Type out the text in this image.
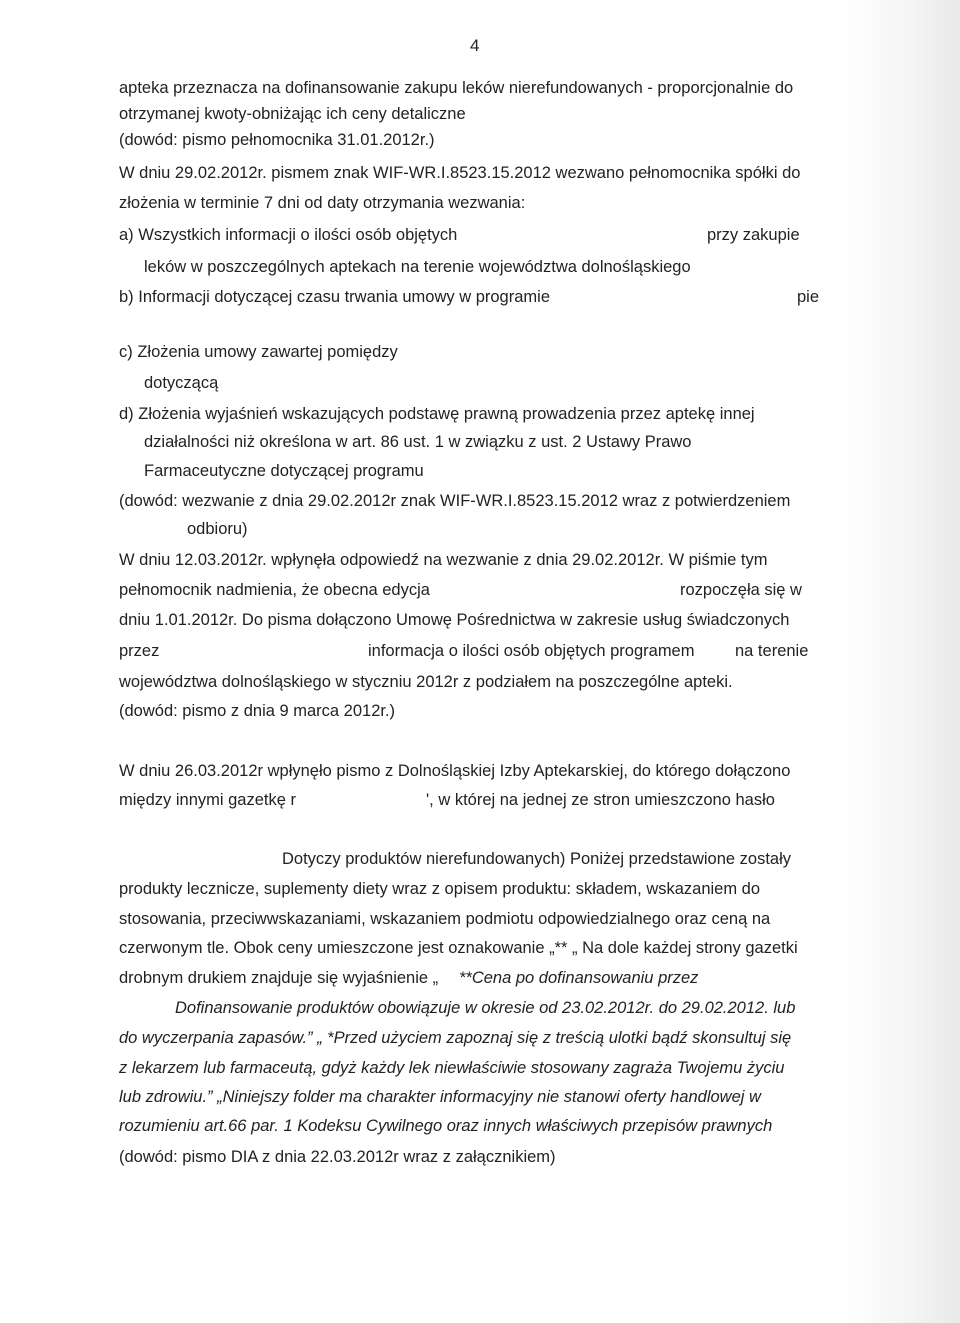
4
apteka przeznacza na dofinansowanie zakupu leków nierefundowanych - proporcjonalnie do
otrzymanej kwoty-obniżając ich ceny detaliczne
(dowód: pismo pełnomocnika 31.01.2012r.)
W dniu 29.02.2012r. pismem znak WIF-WR.I.8523.15.2012 wezwano pełnomocnika spółki do
złożenia w terminie 7 dni od daty otrzymania wezwania:
a) Wszystkich informacji o ilości osób objętych	przy zakupie
leków w poszczególnych aptekach na terenie województwa dolnośląskiego
b) Informacji dotyczącej czasu trwania umowy w programie	pie
c) Złożenia umowy zawartej pomiędzy
dotyczącą
d) Złożenia wyjaśnień wskazujących podstawę prawną prowadzenia przez aptekę innej
działalności niż określona w art. 86 ust. 1 w związku z ust. 2 Ustawy Prawo
Farmaceutyczne dotyczącej programu
(dowód: wezwanie z dnia 29.02.2012r znak WIF-WR.I.8523.15.2012 wraz z potwierdzeniem
odbioru)
W dniu 12.03.2012r. wpłynęła odpowiedź na wezwanie z dnia 29.02.2012r. W piśmie tym
pełnomocnik nadmienia, że obecna edycja	rozpoczęła się w
dniu 1.01.2012r. Do pisma dołączono Umowę Pośrednictwa w zakresie usług świadczonych
przez	informacja o ilości osób objętych programem na terenie
województwa dolnośląskiego w styczniu 2012r z podziałem na poszczególne apteki.
(dowód: pismo z dnia 9 marca 2012r.)
W dniu 26.03.2012r wpłynęło pismo z Dolnośląskiej Izby Aptekarskiej, do którego dołączono
między innymi gazetkę r	', w której na jednej ze stron umieszczono hasło
Dotyczy produktów nierefundowanych) Poniżej przedstawione zostały
produkty lecznicze, suplementy diety wraz z opisem produktu: składem, wskazaniem do
stosowania, przeciwwskazaniami, wskazaniem podmiotu odpowiedzialnego oraz ceną na
czerwonym tle. Obok ceny umieszczone jest oznakowanie „** „ Na dole każdej strony gazetki
drobnym drukiem znajduje się wyjaśnienie „ **Cena po dofinansowaniu przez
Dofinansowanie produktów obowiązuje w okresie od 23.02.2012r. do 29.02.2012. lub
do wyczerpania zapasów.” „ *Przed użyciem zapoznaj się z treścią ulotki bądź skonsultuj się
z lekarzem lub farmaceutą, gdyż każdy lek niewłaściwie stosowany zagraża Twojemu życiu
lub zdrowiu.” „Niniejszy folder ma charakter informacyjny nie stanowi oferty handlowej w
rozumieniu art.66 par. 1 Kodeksu Cywilnego oraz innych właściwych przepisów prawnych
(dowód: pismo DIA z dnia 22.03.2012r wraz z załącznikiem)
